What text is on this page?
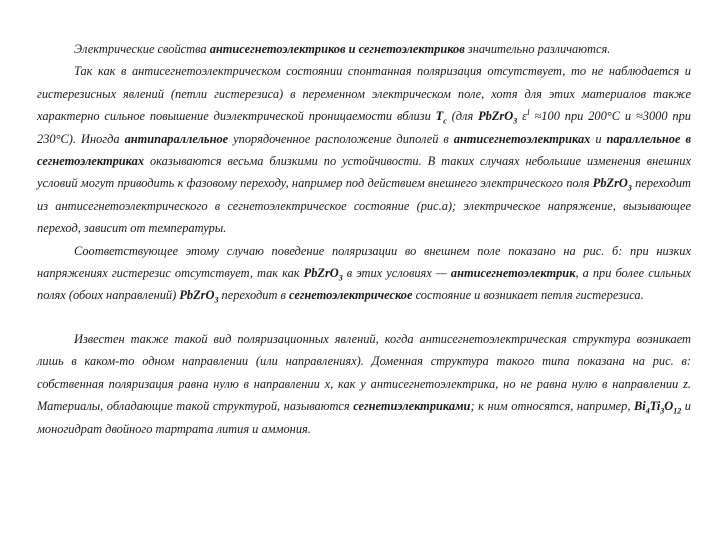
Электрические свойства антисегнетоэлектриков и сегнетоэлектриков значительно различаются.

Так как в антисегнетоэлектрическом состоянии спонтанная поляризация отсутствует, то не наблюдается и гистерезисных явлений (петли гистерезиса) в переменном электрическом поле, хотя для этих материалов также характерно сильное повышение диэлектрической проницаемости вблизи $T_c$ (для PbZrO$_3$ $\varepsilon^I \approx 100$ при 200°С и ≈3000 при 230°С). Иногда антипараллельное упорядоченное расположение диполей в антисегнетоэлектриках и параллельное в сегнетоэлектриках оказываются весьма близкими по устойчивости. В таких случаях небольшие изменения внешних условий могут приводить к фазовому переходу, например под действием внешнего электрического поля PbZrO$_3$ переходит из антисегнетоэлектрического в сегнетоэлектрическое состояние (рис.а); электрическое напряжение, вызывающее переход, зависит от температуры.

Соответствующее этому случаю поведение поляризации во внешнем поле показано на рис. б: при низких напряжениях гистерезис отсутствует, так как PbZrO$_3$ в этих условиях — антисегнетоэлектрик, а при более сильных полях (обоих направлений) PbZrO$_3$ переходит в сегнетоэлектрическое состояние и возникает петля гистерезиса.

Известен также такой вид поляризационных явлений, когда антисегнетоэлектрическая структура возникает лишь в каком-то одном направлении (или направлениях). Доменная структура такого типа показана на рис. в: собственная поляризация равна нулю в направлении x, как у антисегнетоэлектрика, но не равна нулю в направлении z. Материалы, обладающие такой структурой, называются сегнетиэлектриками; к ним относятся, например, $Bi_4Ti_3O_{12}$ и моногидрат двойного тартрата лития и аммония.
